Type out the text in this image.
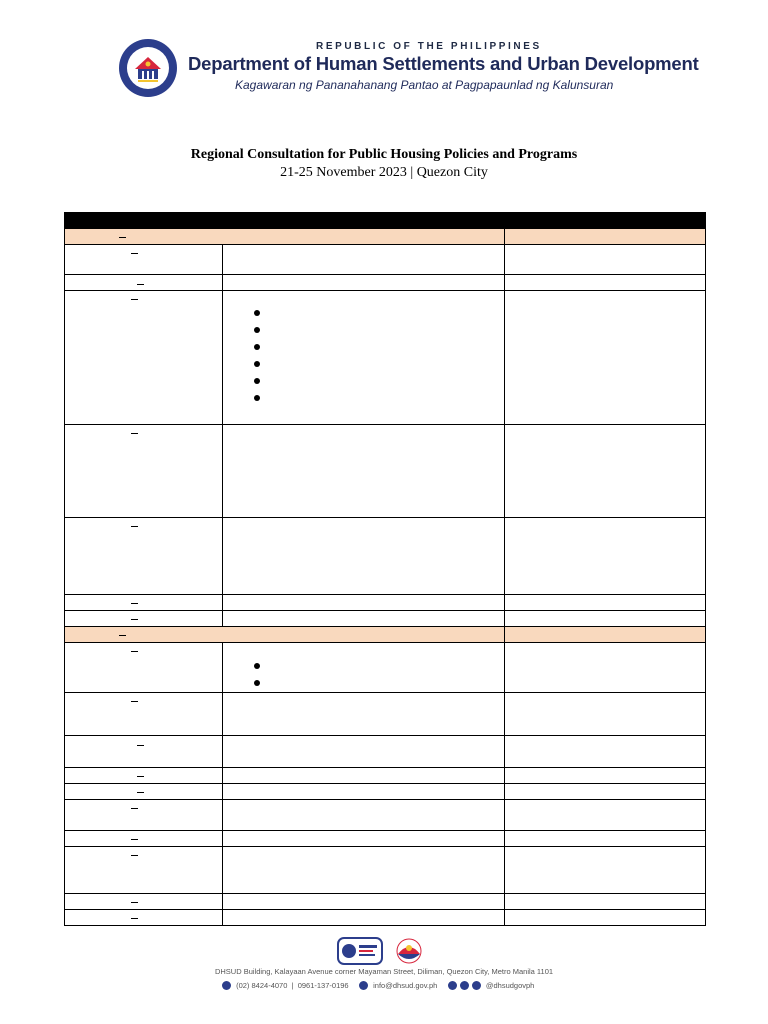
REPUBLIC OF THE PHILIPPINES
Department of Human Settlements and Urban Development
Kagawaran ng Pananahanang Pantao at Pagpapaunlad ng Kalunsuran
Regional Consultation for Public Housing Policies and Programs
21-25 November 2023 | Quezon City
DHSUD Building, Kalayaan Avenue corner Mayaman Street, Diliman, Quezon City, Metro Manila 1101
(02) 8424-4070  |  0961-137-0196	info@dhsud.gov.ph	@dhsudgovph
